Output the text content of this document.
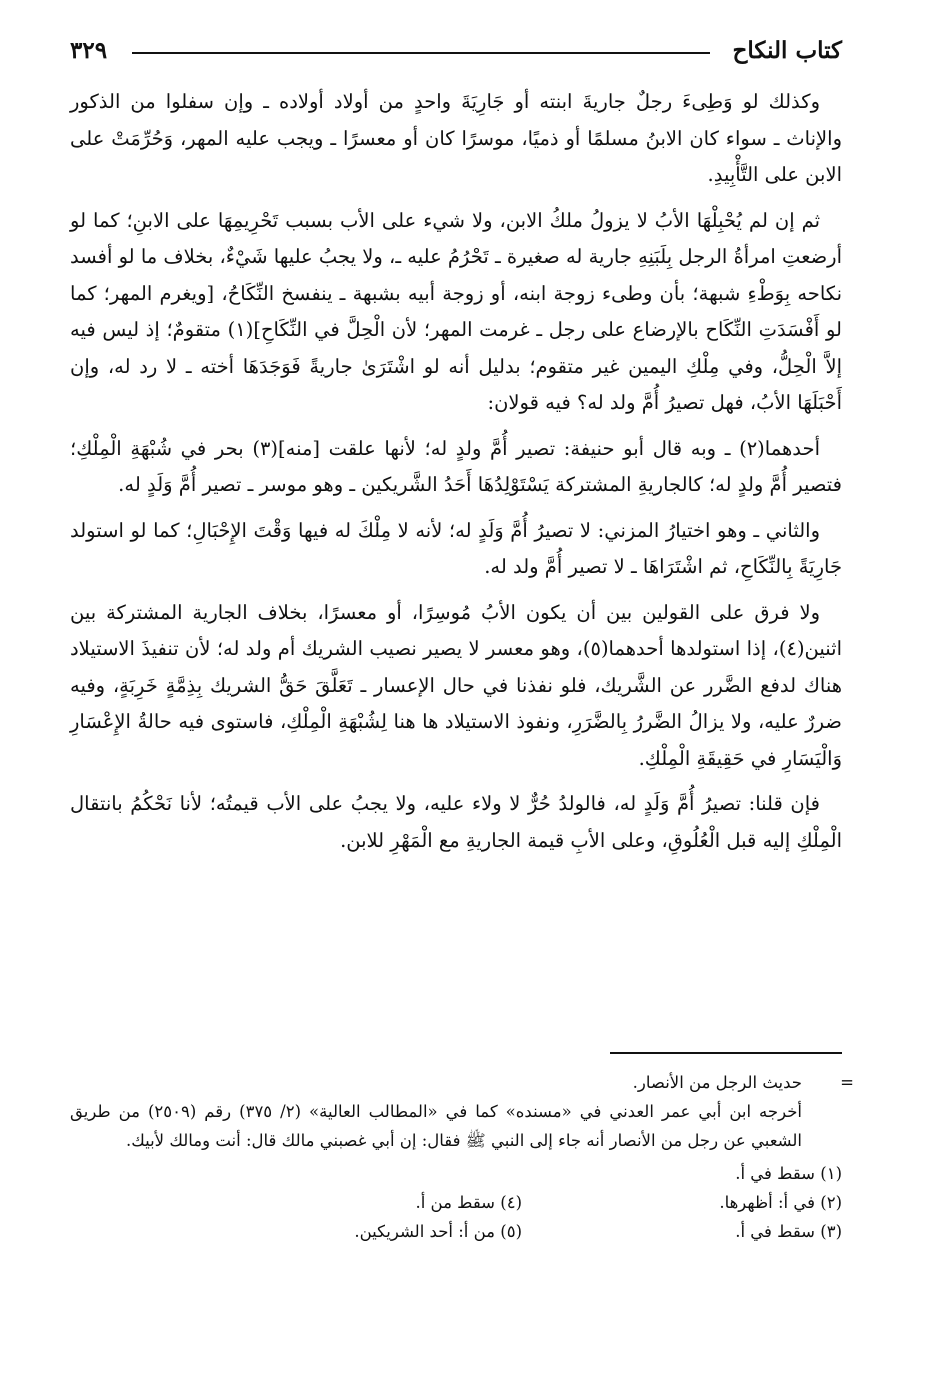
كتاب النكاح
٣٢٩

وكذلك لو وَطِىءَ رجلٌ جاريةَ ابنته أو جَارِيَةَ واحدٍ من أولاد أولاده ـ وإن سفلوا من الذكور والإناث ـ سواء كان الابنُ مسلمًا أو ذميًا، موسرًا كان أو معسرًا ـ ويجب عليه المهر، وَحُرِّمَتْ على الابن على التَّأْبِيدِ.

ثم إن لم يُحْبِلْهَا الأبُ لا يزولُ ملكُ الابن، ولا شيء على الأب بسبب تَحْرِيمِهَا على الابنِ؛ كما لو أرضعتِ امرأةُ الرجل بِلَبَنِهِ جارية له صغيرة ـ تَحْرُمُ عليه ـ، ولا يجبُ عليها شَيْءٌ، بخلاف ما لو أفسد نكاحه بِوَطْءِ شبهة؛ بأن وطىء زوجة ابنه، أو زوجة أبيه بشبهة ـ ينفسخ النِّكَاحُ، [ويغرم المهر؛ كما لو أَفْسَدَتِ النِّكَاح بالإرضاع على رجل ـ غرمت المهر؛ لأن الْحِلَّ في النِّكَاحِ](١) متقومٌ؛ إذ ليس فيه إلاَّ الْحِلُّ، وفي مِلْكِ اليمين غير متقوم؛ بدليل أنه لو اشْتَرَىٰ جاريةً فَوَجَدَهَا أخته ـ لا رد له، وإن أَحْبَلَهَا الأبُ، فهل تصيرُ أُمَّ ولد له؟ فيه قولان:

أحدهما(٢) ـ وبه قال أبو حنيفة: تصير أُمَّ ولدٍ له؛ لأنها علقت [منه](٣) بحر في شُبْهَةِ الْمِلْكِ؛ فتصير أُمَّ ولدٍ له؛ كالجاريةِ المشتركة يَسْتَوْلِدُهَا أَحَدُ الشَّريكين ـ وهو موسر ـ تصير أُمَّ وَلَدٍ له.

والثاني ـ وهو اختيارُ المزني: لا تصيرُ أُمَّ وَلَدٍ له؛ لأنه لا مِلْكَ له فيها وَقْتَ الإِحْبَالِ؛ كما لو استولد جَارِيَةً بِالنِّكَاحِ، ثم اشْتَرَاهَا ـ لا تصير أُمَّ ولد له.

ولا فرق على القولين بين أن يكون الأبُ مُوسِرًا، أو معسرًا، بخلاف الجارية المشتركة بين اثنين(٤)، إذا استولدها أحدهما(٥)، وهو معسر لا يصير نصيب الشريك أم ولد له؛ لأن تنفيذَ الاستيلاد هناك لدفع الضَّرر عن الشَّريك، فلو نفذنا في حال الإعسار ـ تَعَلَّقَ حَقُّ الشريك بِذِمَّةٍ خَرِبَةٍ، وفيه ضررٌ عليه، ولا يزالُ الضَّررُ بِالضَّرَرِ، ونفوذ الاستيلاد ها هنا لِشُبْهَةِ الْمِلْكِ، فاستوى فيه حالةُ الإِعْسَارِ وَالْيَسَارِ في حَقِيقَةِ الْمِلْكِ.

فإن قلنا: تصيرُ أُمَّ وَلَدٍ له، فالولدُ حُرٌّ لا ولاء عليه، ولا يجبُ على الأب قيمتُه؛ لأنا نَحْكُمُ بانتقال الْمِلْكِ إليه قبل الْعُلُوقِ، وعلى الأبِ قيمة الجاريةِ مع الْمَهْرِ للابن.

=

حديث الرجل من الأنصار.

أخرجه ابن أبي عمر العدني في «مسنده» كما في «المطالب العالية» (٢/ ٣٧٥) رقم (٢٥٠٩) من طريق الشعبي عن رجل من الأنصار أنه جاء إلى النبي ﷺ فقال: إن أبي غصبني مالك قال: أنت ومالك لأبيك.

(١) سقط في أ.

(٢) في أ: أظهرها.

(٣) سقط في أ.

(٤) سقط من أ.

(٥) من أ: أحد الشريكين.
